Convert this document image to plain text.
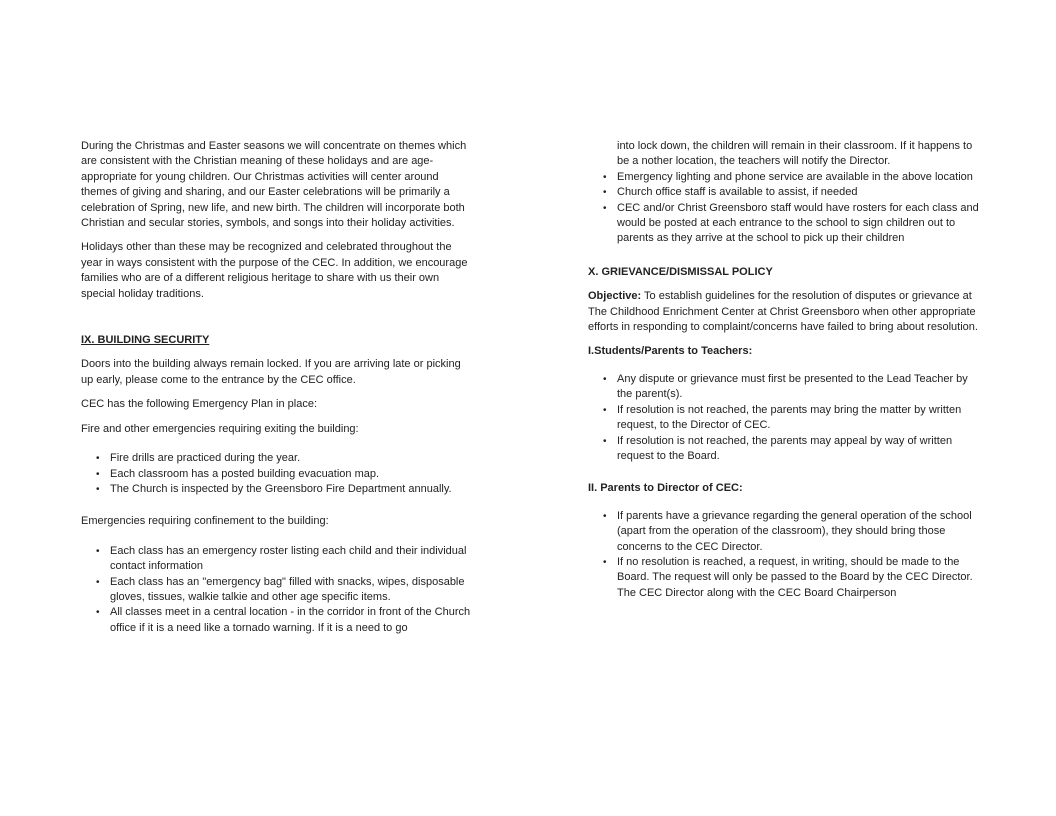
During the Christmas and Easter seasons we will concentrate on themes which are consistent with the Christian meaning of these holidays and are age-appropriate for young children. Our Christmas activities will center around themes of giving and sharing, and our Easter celebrations will be primarily a celebration of Spring, new life, and new birth. The children will incorporate both Christian and secular stories, symbols, and songs into their holiday activities.

Holidays other than these may be recognized and celebrated throughout the year in ways consistent with the purpose of the CEC. In addition, we encourage families who are of a different religious heritage to share with us their own special holiday traditions.

IX. BUILDING SECURITY

Doors into the building always remain locked. If you are arriving late or picking up early, please come to the entrance by the CEC office.

CEC has the following Emergency Plan in place:

Fire and other emergencies requiring exiting the building:

• Fire drills are practiced during the year.
• Each classroom has a posted building evacuation map.
• The Church is inspected by the Greensboro Fire Department annually.

Emergencies requiring confinement to the building:

• Each class has an emergency roster listing each child and their individual contact information
• Each class has an "emergency bag" filled with snacks, wipes, disposable gloves, tissues, walkie talkie and other age specific items.
• All classes meet in a central location - in the corridor in front of the Church office if it is a need like a tornado warning. If it is a need to go

into lock down, the children will remain in their classroom. If it happens to be a nother location, the teachers will notify the Director.

• Emergency lighting and phone service are available in the above location
• Church office staff is available to assist, if needed
• CEC and/or Christ Greensboro staff would have rosters for each class and would be posted at each entrance to the school to sign children out to parents as they arrive at the school to pick up their children

X. GRIEVANCE/DISMISSAL POLICY

Objective: To establish guidelines for the resolution of disputes or grievance at The Childhood Enrichment Center at Christ Greensboro when other appropriate efforts in responding to complaint/concerns have failed to bring about resolution.

I.Students/Parents to Teachers:

• Any dispute or grievance must first be presented to the Lead Teacher by the parent(s).
• If resolution is not reached, the parents may bring the matter by written request, to the Director of CEC.
• If resolution is not reached, the parents may appeal by way of written request to the Board.

II. Parents to Director of CEC:

• If parents have a grievance regarding the general operation of the school (apart from the operation of the classroom), they should bring those concerns to the CEC Director.
• If no resolution is reached, a request, in writing, should be made to the Board. The request will only be passed to the Board by the CEC Director. The CEC Director along with the CEC Board Chairperson
